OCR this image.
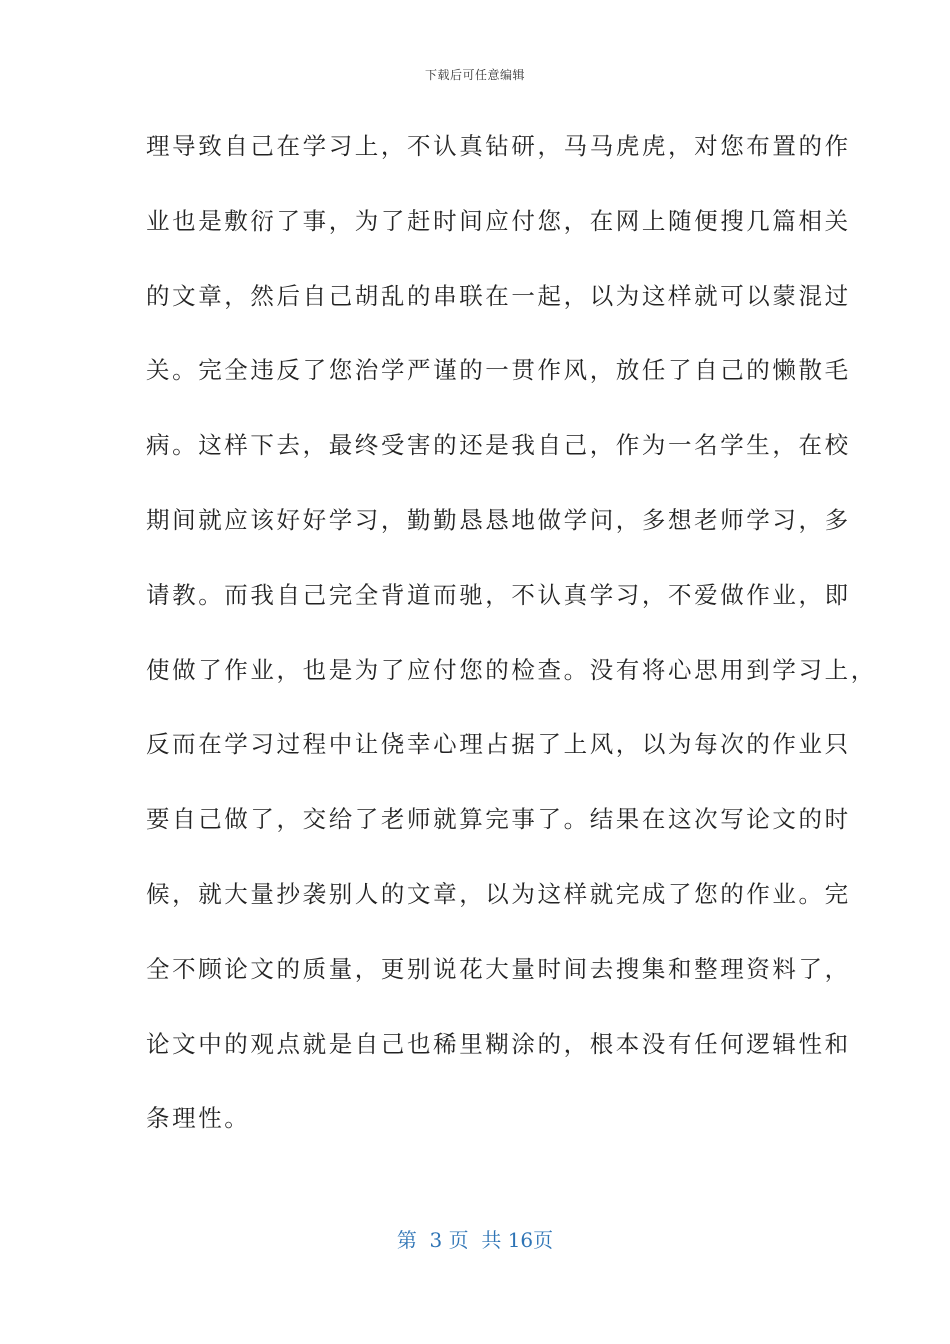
下载后可任意编辑
理导致自己在学习上，不认真钻研，马马虎虎，对您布置的作
业也是敷衍了事，为了赶时间应付您，在网上随便搜几篇相关
的文章，然后自己胡乱的串联在一起，以为这样就可以蒙混过
关。完全违反了您治学严谨的一贯作风，放任了自己的懒散毛
病。这样下去，最终受害的还是我自己，作为一名学生，在校
期间就应该好好学习，勤勤恳恳地做学问，多想老师学习，多
请教。而我自己完全背道而驰，不认真学习，不爱做作业，即
使做了作业，也是为了应付您的检查。没有将心思用到学习上，
反而在学习过程中让侥幸心理占据了上风，以为每次的作业只
要自己做了，交给了老师就算完事了。结果在这次写论文的时
候，就大量抄袭别人的文章，以为这样就完成了您的作业。完
全不顾论文的质量，更别说花大量时间去搜集和整理资料了，
论文中的观点就是自己也稀里糊涂的，根本没有任何逻辑性和
条理性。
第  3 页  共 16页
